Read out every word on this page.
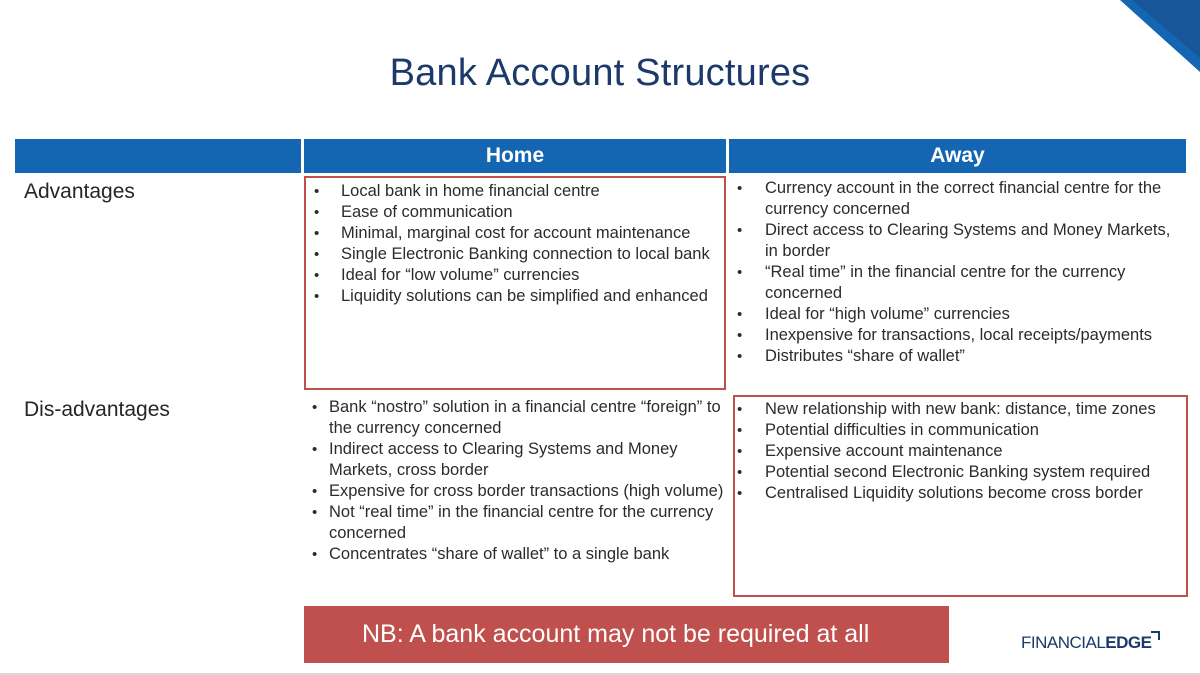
Bank Account Structures
Home	Away
Advantages
Dis-advantages
• Local bank in home financial centre
• Ease of communication
• Minimal, marginal cost for account maintenance
• Single Electronic Banking connection to local bank
• Ideal for “low volume” currencies
• Liquidity solutions can be simplified and enhanced
• Currency account in the correct financial centre for the currency concerned
• Direct access to Clearing Systems and Money Markets, in border
• “Real time” in the financial centre for the currency concerned
• Ideal for “high volume” currencies
• Inexpensive for transactions, local receipts/payments
• Distributes “share of wallet”
• Bank “nostro” solution in a financial centre “foreign” to the currency concerned
• Indirect access to Clearing Systems and Money Markets, cross border
• Expensive for cross border transactions (high volume)
• Not “real time” in the financial centre for the currency concerned
• Concentrates “share of wallet” to a single bank
• New relationship with new bank: distance, time zones
• Potential difficulties in communication
• Expensive account maintenance
• Potential second Electronic Banking system required
• Centralised Liquidity solutions become cross border
NB: A bank account may not be required at all	FINANCIALEDGE
